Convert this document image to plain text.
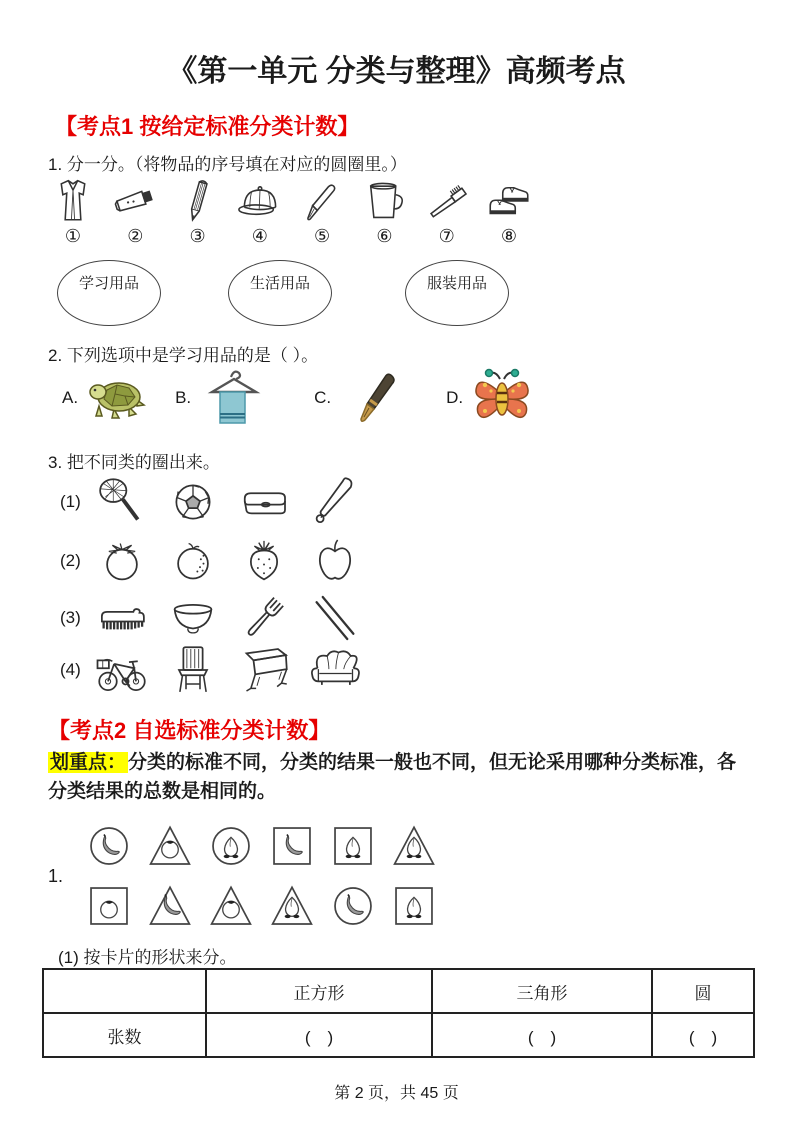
《第一单元 分类与整理》高频考点
【考点1 按给定标准分类计数】
1. 分一分。（将物品的序号填在对应的圆圈里。）
①	②	③	④	⑤	⑥	⑦	⑧
学习用品	生活用品	服装用品
2. 下列选项中是学习用品的是（ ）。
A.	B.	C.	D.
3. 把不同类的圈出来。
(1)
(2)
(3)
(4)
【考点2 自选标准分类计数】
划重点： 分类的标准不同，分类的结果一般也不同，但无论采用哪种分类标准，各分类结果的总数是相同的。
1.
(1) 按卡片的形状来分。
	正方形	三角形	圆
张数	(　)	(　)	(　)
第 2 页，共 45 页
